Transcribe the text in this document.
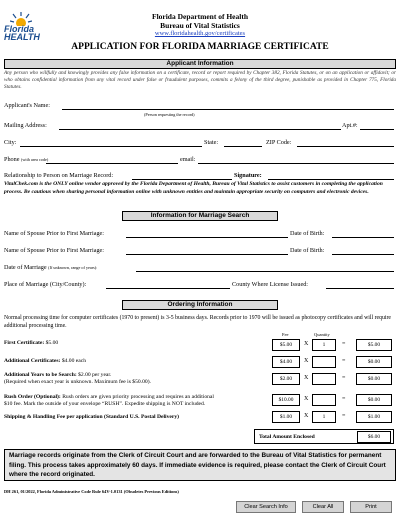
Florida HEALTH
Florida Department of Health
Bureau of Vital Statistics
www.floridahealth.gov/certificates
APPLICATION FOR FLORIDA MARRIAGE CERTIFICATE
Applicant Information
Any person who willfully and knowingly provides any false information on a certificate, record or report required by Chapter 382, Florida Statutes, or on an application or affidavit; or who obtains confidential information from any vital record under false or fraudulent purposes, commits a felony of the third degree, punishable as provided in Chapter 775, Florida Statutes.
Applicant's Name:
(Person requesting the record)
Mailing Address:	Apt.#:
City:	State:	ZIP Code:
Phone (with area code)	email:
Relationship to Person on Marriage Record:	Signature:
VitalChek.com is the ONLY online vendor approved by the Florida Department of Health, Bureau of Vital Statistics to assist customers in completing the application process. Be cautious when sharing personal information online with unknown entities and maintain appropriate security on computers and electronic devices.
Information for Marriage Search
Name of Spouse Prior to First Marriage:	Date of Birth:
Name of Spouse Prior to First Marriage:	Date of Birth:
Date of Marriage (If unknown, range of years):
Place of Marriage (City/County):	County Where License Issued:
Ordering Information
Normal processing time for computer certificates (1970 to present) is 3-5 business days. Records prior to 1970 will be issued as photocopy certificates and will require additional processing time.
Fee	Quantity
First Certificate: $5.00	$5.00	X	1	=	$5.00
Additional Certificates: $4.00 each	$4.00	X	=	$0.00
Additional Years to be Search: $2.00 per year.
(Required when exact year is unknown. Maximum fee is $50.00).	$2.00	X	=	$0.00
Rush Order (Optional): Rush orders are given priority processing and requires an additional
$10 fee. Mark the outside of your envelope “RUSH”. Expedite shipping is NOT included.
$10.00	X	=	$0.00
Shipping & Handling Fee per application (Standard U.S. Postal Delivery)	$1.00	X	1	=	$1.00
Total Amount Enclosed	$6.00
Marriage records originate from the Clerk of Circuit Court and are forwarded to the Bureau of Vital Statistics for permanent filing. This process takes approximately 60 days. If immediate evidence is required, please contact the Clerk of Circuit Court where the record originated.
DH 261, 01/2022, Florida Administrative Code Rule 64V-1.0131 (Obsoletes Previous Editions)
Clear Search Info	Clear All	Print
